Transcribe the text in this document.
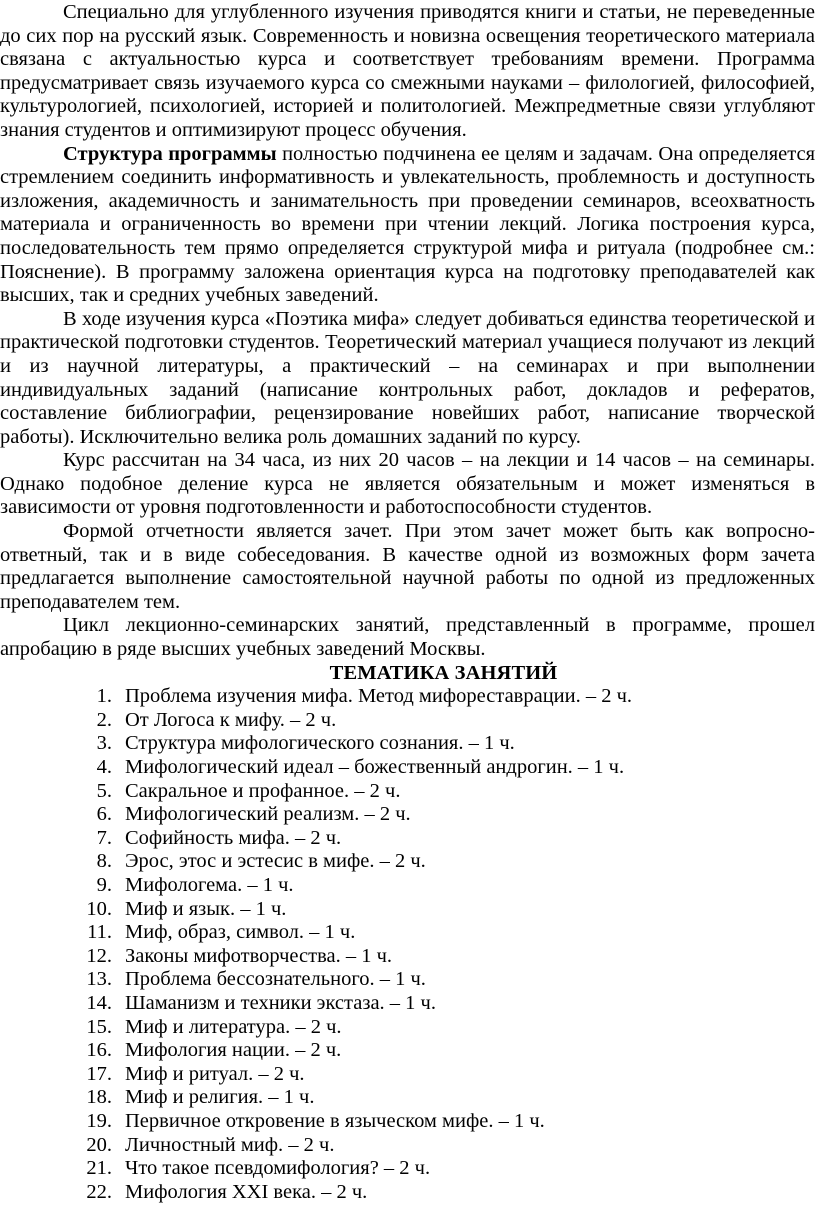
Специально для углубленного изучения приводятся книги и статьи, не переведенные до сих пор на русский язык. Современность и новизна освещения теоретического материала связана с актуальностью курса и соответствует требованиям времени. Программа предусматривает связь изучаемого курса со смежными науками – филологией, философией, культурологией, психологией, историей и политологией. Межпредметные связи углубляют знания студентов и оптимизируют процесс обучения.

Структура программы полностью подчинена ее целям и задачам. Она определяется стремлением соединить информативность и увлекательность, проблемность и доступность изложения, академичность и занимательность при проведении семинаров, всеохватность материала и ограниченность во времени при чтении лекций. Логика построения курса, последовательность тем прямо определяется структурой мифа и ритуала (подробнее см.: Пояснение). В программу заложена ориентация курса на подготовку преподавателей как высших, так и средних учебных заведений.

В ходе изучения курса «Поэтика мифа» следует добиваться единства теоретической и практической подготовки студентов. Теоретический материал учащиеся получают из лекций и из научной литературы, а практический – на семинарах и при выполнении индивидуальных заданий (написание контрольных работ, докладов и рефератов, составление библиографии, рецензирование новейших работ, написание творческой работы). Исключительно велика роль домашних заданий по курсу.

Курс рассчитан на 34 часа, из них 20 часов – на лекции и 14 часов – на семинары. Однако подобное деление курса не является обязательным и может изменяться в зависимости от уровня подготовленности и работоспособности студентов.

Формой отчетности является зачет. При этом зачет может быть как вопросно-ответный, так и в виде собеседования. В качестве одной из возможных форм зачета предлагается выполнение самостоятельной научной работы по одной из предложенных преподавателем тем.

Цикл лекционно-семинарских занятий, представленный в программе, прошел апробацию в ряде высших учебных заведений Москвы.

ТЕМАТИКА ЗАНЯТИЙ

1. Проблема изучения мифа. Метод мифореставрации. – 2 ч.
2. От Логоса к мифу. – 2 ч.
3. Структура мифологического сознания. – 1 ч.
4. Мифологический идеал – божественный андрогин. – 1 ч.
5. Сакральное и профанное. – 2 ч.
6. Мифологический реализм. – 2 ч.
7. Софийность мифа. – 2 ч.
8. Эрос, этос и эстесис в мифе. – 2 ч.
9. Мифологема. – 1 ч.
10. Миф и язык. – 1 ч.
11. Миф, образ, символ. – 1 ч.
12. Законы мифотворчества. – 1 ч.
13. Проблема бессознательного. – 1 ч.
14. Шаманизм и техники экстаза. – 1 ч.
15. Миф и литература. – 2 ч.
16. Мифология нации. – 2 ч.
17. Миф и ритуал. – 2 ч.
18. Миф и религия. – 1 ч.
19. Первичное откровение в языческом мифе. – 1 ч.
20. Личностный миф. – 2 ч.
21. Что такое псевдомифология? – 2 ч.
22. Мифология XXI века. – 2 ч.
